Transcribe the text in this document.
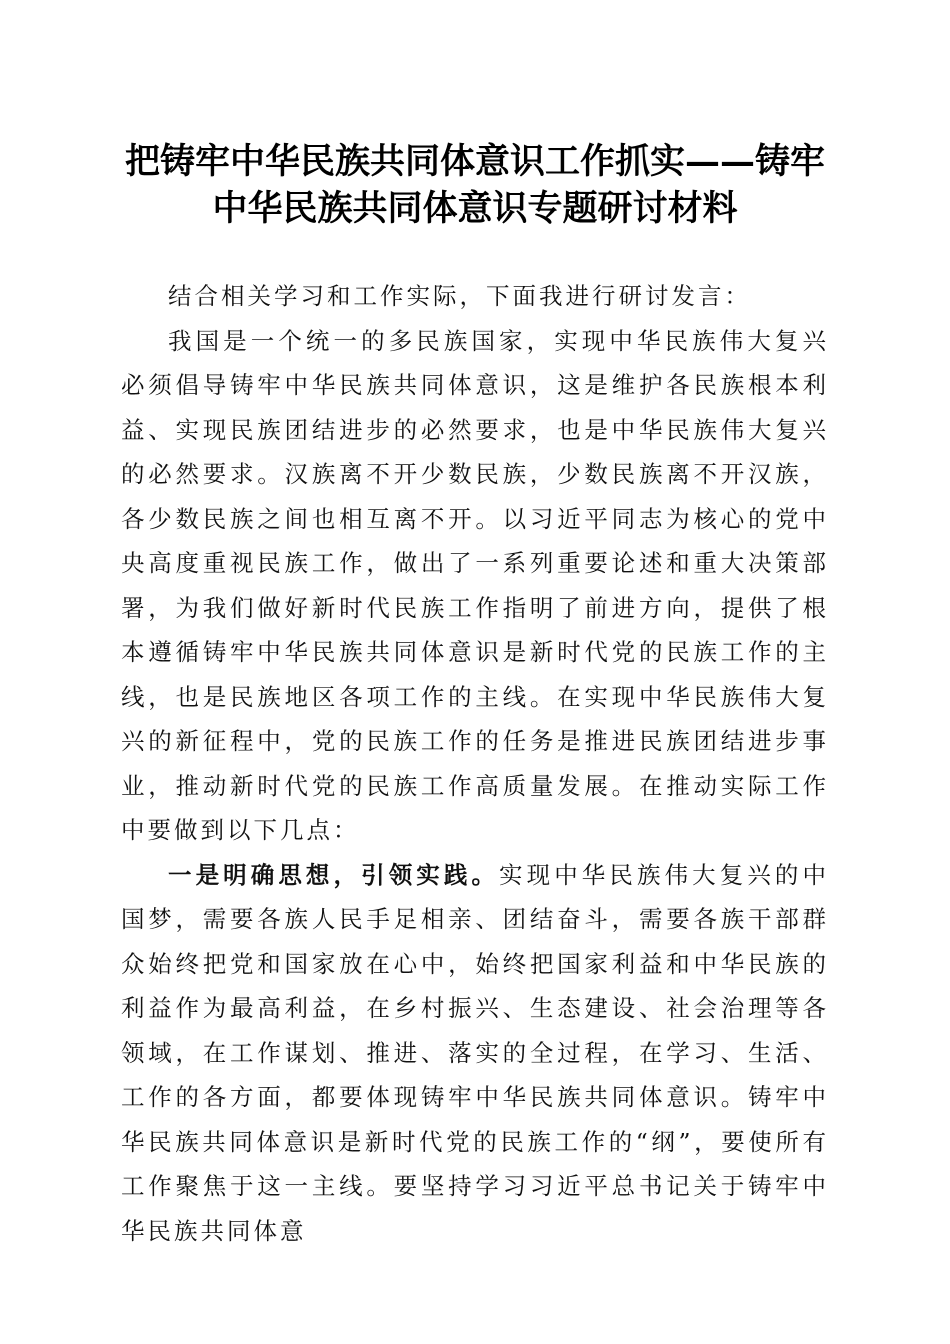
把铸牢中华民族共同体意识工作抓实——铸牢
中华民族共同体意识专题研讨材料

结合相关学习和工作实际，下面我进行研讨发言：

我国是一个统一的多民族国家，实现中华民族伟大复兴必须倡导铸牢中华民族共同体意识，这是维护各民族根本利益、实现民族团结进步的必然要求，也是中华民族伟大复兴的必然要求。汉族离不开少数民族，少数民族离不开汉族，各少数民族之间也相互离不开。以习近平同志为核心的党中央高度重视民族工作，做出了一系列重要论述和重大决策部署，为我们做好新时代民族工作指明了前进方向，提供了根本遵循铸牢中华民族共同体意识是新时代党的民族工作的主线，也是民族地区各项工作的主线。在实现中华民族伟大复兴的新征程中，党的民族工作的任务是推进民族团结进步事业，推动新时代党的民族工作高质量发展。在推动实际工作中要做到以下几点：

一是明确思想，引领实践。实现中华民族伟大复兴的中国梦，需要各族人民手足相亲、团结奋斗，需要各族干部群众始终把党和国家放在心中，始终把国家利益和中华民族的利益作为最高利益，在乡村振兴、生态建设、社会治理等各领域，在工作谋划、推进、落实的全过程，在学习、生活、工作的各方面，都要体现铸牢中华民族共同体意识。铸牢中华民族共同体意识是新时代党的民族工作的“纲”，要使所有工作聚焦于这一主线。要坚持学习习近平总书记关于铸牢中华民族共同体意
